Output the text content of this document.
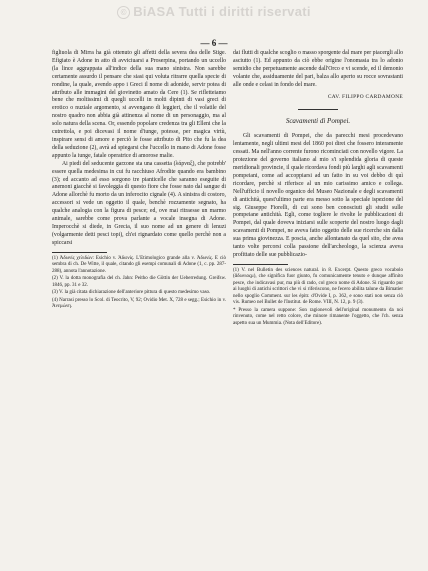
© BiASA Tutti i diritti riservati
— 6 —

figliuola di Mirra ha già ottenuto gli affetti della severa dea delle Stige. Efigiato è Adone in atto di avviciuarsi a Proserpina, portando un uccello (la lince aggrappata all'indice della sua mano sinistra. Non sarebbe certamente assurdo il pensare che siasi qui voluta ritrarre quella specie di rondine, la quale, avendo appo i Greci il nome di adonide, servir potea di attributo alle immagini del giovinetto amato da Cere (1). Se rifletteiamo bene che moltissimi di quegli uccelli in molti dipinti di vasi greci di erotico o nuziale argomento, si avvengano di leggieri, che il volatile del nostro quadro non abbia già attinenza al nome di un personaggio, ma al solo natura della scena. Or, essendo popolare credenza tra gli Elleni che la cutrettola, e poi dicevasi il nome d'iunge, potesse, per magica virtù, inspirare sensi di amore e perciò le fosse attributo di Pito che fu la dea della seduzione (2), avrà ad spiegarsi che l'uccello in mano di Adone fosse appunto la iunge, fatale operatrice di amorose malie.

Ai piedi del seducente garzone sta una cassetta (λάρναξ), che potrebb' essere quella medesima in cui fu racchiuso Afrodite quando era bambino (3); ed accanto ad esso sorgono tre pianticelle che saranno eseguite di anemoni giacchè si favoleggia di questo fiore che fosse nato dal sangue di Adone allorchè fu morto da un inferocito cignale (4). A sinistra di costoro, accessori si vede un oggetto il quale, benchè rozzamente segnato, ha qualche analogia con la figura di pesce; ed, ove mai ritraesse un marmo animale, sarebbe come prova parlante a vocale insegna di Adone. Imperocchè si diede, in Grecia, il suo nome ad un genere di lenuzi (volgarmente detti pesci topi), ch'ei rignardato come quello perchè non a spiccarsi

(1) Ἀδωνίς χελιδὼν: Esichio v. Ἀδωνίς. L'Etimologico grande alla v. Ἀδωνίς. E ciò sembra di ch. De Witte, il quale, citando gli esempi comunali di Adone (1, c. pp. 287-288), annota l'annotazione.

(2) V. la dotta monografia del ch. Jahn: Peitho die Göttin der Ueberredung. Greifsw. 1846, pp. 31 e 32.

(3) V. la già citata dichiarazione dell'anteriore pittura di questo medesimo vaso.

(4) Narrasi presso lo Scol. di Teocrito, V, 92; Ovidio Met. X, 728 e segg.; Esichio in v. Ἀνεμώνη.

dai flutti di qualche scoglio o masso sporgente dal mare per piacergli allo asciutto (1). Ed appunto da ciò ebbe origine l'onomasia tra lo adonio semidio che perpetuamente ascende dall'Orco e vi scende, ed il demonio volante che, assiduamente del pari, balza allo aperto su rocce sovrastanti alle onde e celasi in fondo del mare.

CAV. FILIPPO CARDAMONE
Scavamenti di Pompei.

Gli scavamenti di Pompei, che da parecchi mesi procedevano lentamente, negli ultimi mesi del 1860 poi direi che fossero interamente cessati. Ma nell'anno corrente furono ricominciati con novello vigore. La protezione del governo italiano al mio s'i splendida gloria di queste meridionali provincie, il quale ricordava fondi più larghi agli scavamenti pompeiani, come ad accoppiarsi ad un fatto in su voi debbo di quì ricordare, perchè si riferisce al un mio carissimo amico e collega. Nell'ufficio il novello organico del Museo Nazionale e degli scavamenti di antichità, quest'ultimo parte era messo sotto la speciale ispezione del sig. Giuseppe Fiorelli, di cui sono ben conosciuti gli studii sulle pompeiane antichità. Egli, come togliere le rivolte le pubblicazioni di Pompei, dal quale doveva iniziarsi sulle scoperte del nostro luogo dagli scavamenti di Pompei, ne aveva fatto oggetto delle sue ricerche sin dalla sua prima giovinezza. E poscia, anche allontanato da quel sito, che avea tanto volte percorsi colla passione dell'archeologo, la scienza aveva profittato delle sue pubblicazio-

(1) V. nel Bulletin des sciences natural. in 8. Excerpt. Questo greco vocabolo (ἄδωνιοςμ), che significa fuor giunto, fu comunicamente tenuto e dunque affinito pesce, che indicavasi pur, ma più di rado, col greco nome di Adone. Si riguardo pur ai luoghi di antichi scrittori che vi si riferiscono, ne fecero abilita talune da Bimatier nello spoglio Comment. sur les épitr. d'Ovide I, p. 362, e sono stati non senza ciò vis. Rumeo nel Bullet de l'Institut. de Rome. VIII, N. 12, p. 9 (3).

* Presso la camera suppone: Son ragionevoli dell'original monumento da noi rinvenuto, come nel retto colore, che minore rimanente l'oggetto, che l'ch. senza aspetto sua un Mummia. (Nota dell'Editore).
